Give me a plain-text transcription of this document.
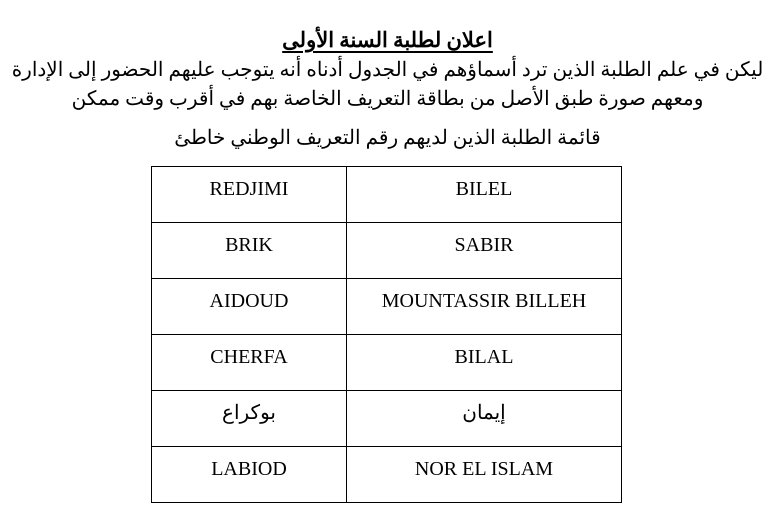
اعلان لطلبة السنة الأولى
ليكن في علم الطلبة الذين ترد أسماؤهم في الجدول أدناه أنه يتوجب عليهم الحضور إلى الإدارة
ومعهم صورة طبق الأصل من بطاقة التعريف الخاصة بهم في أقرب وقت ممكن
قائمة الطلبة الذين لديهم رقم التعريف الوطني خاطئ
REDJIMI	BILEL
BRIK	SABIR
AIDOUD	MOUNTASSIR BILLEH
CHERFA	BILAL
بوكراع	إيمان
LABIOD	NOR EL ISLAM
